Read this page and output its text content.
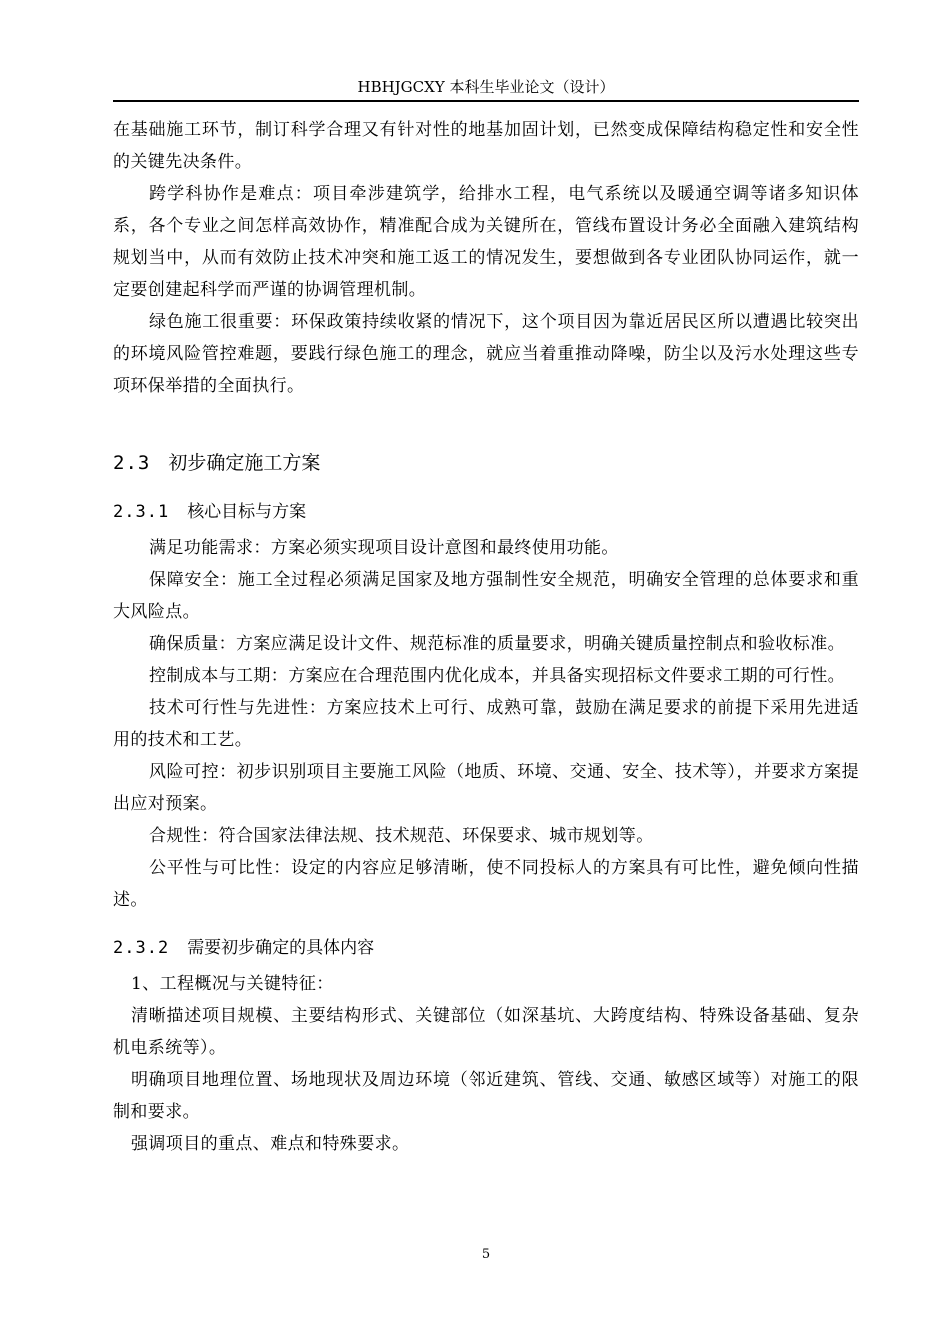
HBHJGCXY 本科生毕业论文（设计）

在基础施工环节，制订科学合理又有针对性的地基加固计划，已然变成保障结构稳定性和安全性的关键先决条件。

跨学科协作是难点：项目牵涉建筑学，给排水工程，电气系统以及暖通空调等诸多知识体系，各个专业之间怎样高效协作，精准配合成为关键所在，管线布置设计务必全面融入建筑结构规划当中，从而有效防止技术冲突和施工返工的情况发生，要想做到各专业团队协同运作，就一定要创建起科学而严谨的协调管理机制。

绿色施工很重要：环保政策持续收紧的情况下，这个项目因为靠近居民区所以遭遇比较突出的环境风险管控难题，要践行绿色施工的理念，就应当着重推动降噪，防尘以及污水处理这些专项环保举措的全面执行。

2.3 初步确定施工方案
2.3.1 核心目标与方案

满足功能需求：方案必须实现项目设计意图和最终使用功能。

保障安全：施工全过程必须满足国家及地方强制性安全规范，明确安全管理的总体要求和重大风险点。

确保质量：方案应满足设计文件、规范标准的质量要求，明确关键质量控制点和验收标准。

控制成本与工期：方案应在合理范围内优化成本，并具备实现招标文件要求工期的可行性。

技术可行性与先进性：方案应技术上可行、成熟可靠，鼓励在满足要求的前提下采用先进适用的技术和工艺。

风险可控：初步识别项目主要施工风险（地质、环境、交通、安全、技术等），并要求方案提出应对预案。

合规性：符合国家法律法规、技术规范、环保要求、城市规划等。

公平性与可比性：设定的内容应足够清晰，使不同投标人的方案具有可比性，避免倾向性描述。

2.3.2 需要初步确定的具体内容

1、工程概况与关键特征：

清晰描述项目规模、主要结构形式、关键部位（如深基坑、大跨度结构、特殊设备基础、复杂机电系统等）。

明确项目地理位置、场地现状及周边环境（邻近建筑、管线、交通、敏感区域等）对施工的限制和要求。

强调项目的重点、难点和特殊要求。

5
